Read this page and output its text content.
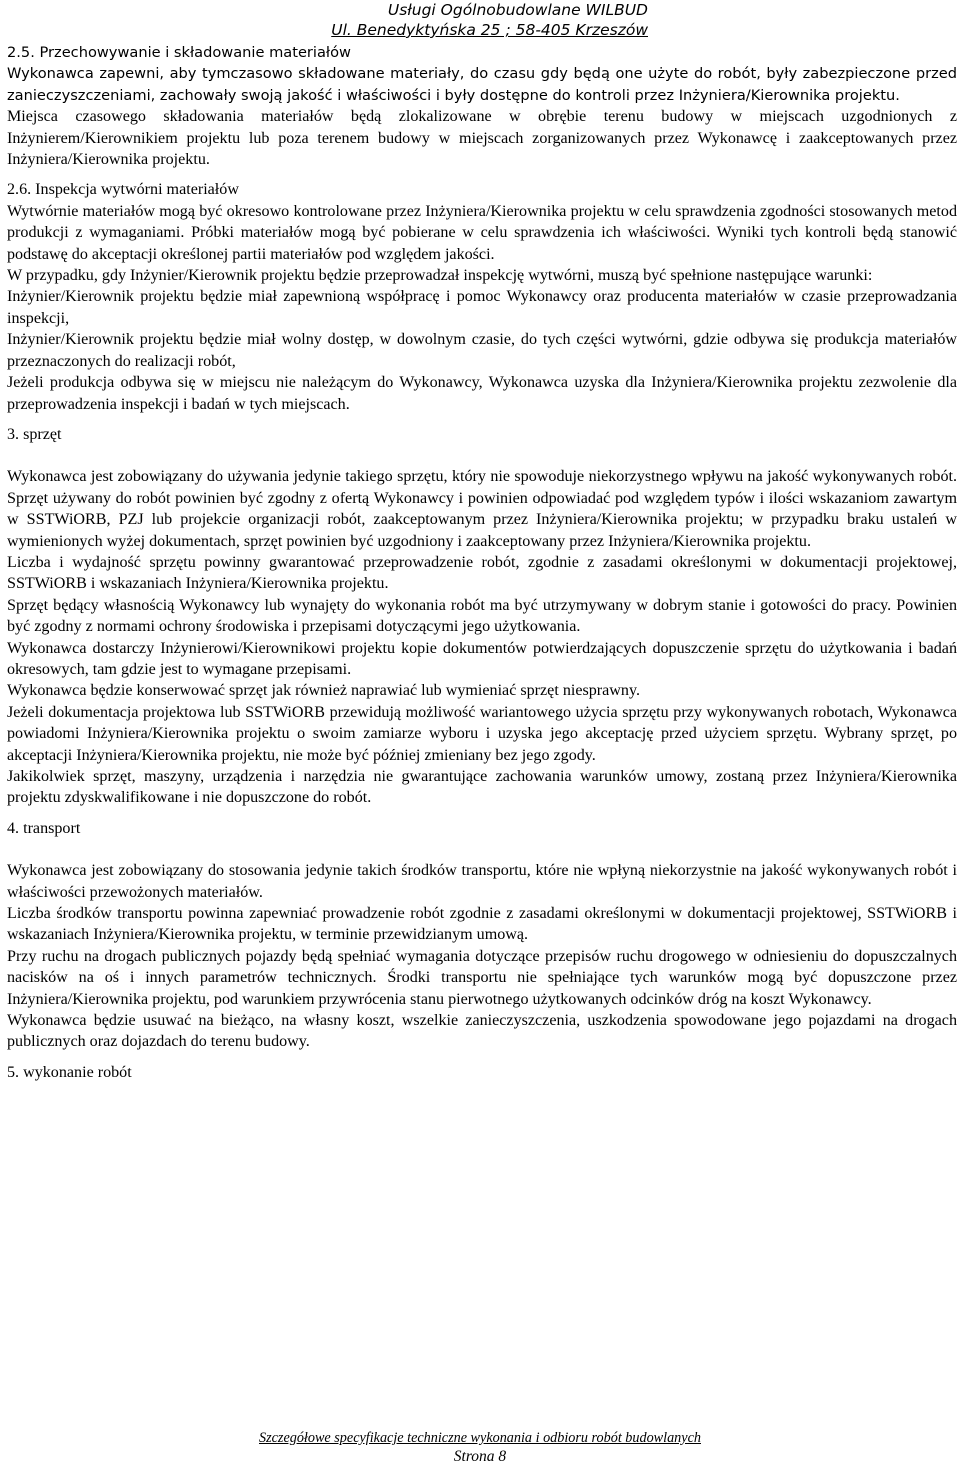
Usługi Ogólnobudowlane WILBUD
Ul. Benedyktyńska 25 ; 58-405 Krzeszów
2.5. Przechowywanie i składowanie materiałów

Wykonawca zapewni, aby tymczasowo składowane materiały, do czasu gdy będą one użyte do robót, były zabezpieczone przed zanieczyszczeniami, zachowały swoją jakość i właściwości i były dostępne do kontroli przez Inżyniera/Kierownika projektu.

Miejsca czasowego składowania materiałów będą zlokalizowane w obrębie terenu budowy w miejscach uzgodnionych z Inżynierem/Kierownikiem projektu lub poza terenem budowy w miejscach zorganizowanych przez Wykonawcę i zaakceptowanych przez Inżyniera/Kierownika projektu.

2.6. Inspekcja wytwórni materiałów

Wytwórnie materiałów mogą być okresowo kontrolowane przez Inżyniera/Kierownika projektu w celu sprawdzenia zgodności stosowanych metod produkcji z wymaganiami. Próbki materiałów mogą być pobierane w celu sprawdzenia ich właściwości. Wyniki tych kontroli będą stanowić podstawę do akceptacji określonej partii materiałów pod względem jakości.

W przypadku, gdy Inżynier/Kierownik projektu będzie przeprowadzał inspekcję wytwórni, muszą być spełnione następujące warunki:

Inżynier/Kierownik projektu będzie miał zapewnioną współpracę i pomoc Wykonawcy oraz producenta materiałów w czasie przeprowadzania inspekcji,

Inżynier/Kierownik projektu będzie miał wolny dostęp, w dowolnym czasie, do tych części wytwórni, gdzie odbywa się produkcja materiałów przeznaczonych do realizacji robót,

Jeżeli produkcja odbywa się w miejscu nie należącym do Wykonawcy, Wykonawca uzyska dla Inżyniera/Kierownika projektu zezwolenie dla przeprowadzenia inspekcji i badań w tych miejscach.

3. sprzęt

Wykonawca jest zobowiązany do używania jedynie takiego sprzętu, który nie spowoduje niekorzystnego wpływu na jakość wykonywanych robót. Sprzęt używany do robót powinien być zgodny z ofertą Wykonawcy i powinien odpowiadać pod względem typów i ilości wskazaniom zawartym w SSTWiORB, PZJ lub projekcie organizacji robót, zaakceptowanym przez Inżyniera/Kierownika projektu; w przypadku braku ustaleń w wymienionych wyżej dokumentach, sprzęt powinien być uzgodniony i zaakceptowany przez Inżyniera/Kierownika projektu.

Liczba i wydajność sprzętu powinny gwarantować przeprowadzenie robót, zgodnie z zasadami określonymi w dokumentacji projektowej, SSTWiORB i wskazaniach Inżyniera/Kierownika projektu.

Sprzęt będący własnością Wykonawcy lub wynajęty do wykonania robót ma być utrzymywany w dobrym stanie i gotowości do pracy. Powinien być zgodny z normami ochrony środowiska i przepisami dotyczącymi jego użytkowania.

Wykonawca dostarczy Inżynierowi/Kierownikowi projektu kopie dokumentów potwierdzających dopuszczenie sprzętu do użytkowania i badań okresowych, tam gdzie jest to wymagane przepisami.

Wykonawca będzie konserwować sprzęt jak również naprawiać lub wymieniać sprzęt niesprawny.

Jeżeli dokumentacja projektowa lub SSTWiORB przewidują możliwość wariantowego użycia sprzętu przy wykonywanych robotach, Wykonawca powiadomi Inżyniera/Kierownika projektu o swoim zamiarze wyboru i uzyska jego akceptację przed użyciem sprzętu. Wybrany sprzęt, po akceptacji Inżyniera/Kierownika projektu, nie może być później zmieniany bez jego zgody.

Jakikolwiek sprzęt, maszyny, urządzenia i narzędzia nie gwarantujące zachowania warunków umowy, zostaną przez Inżyniera/Kierownika projektu zdyskwalifikowane i nie dopuszczone do robót.

4. transport

Wykonawca jest zobowiązany do stosowania jedynie takich środków transportu, które nie wpłyną niekorzystnie na jakość wykonywanych robót i właściwości przewożonych materiałów.

Liczba środków transportu powinna zapewniać prowadzenie robót zgodnie z zasadami określonymi w dokumentacji projektowej, SSTWiORB i wskazaniach Inżyniera/Kierownika projektu, w terminie przewidzianym umową.

Przy ruchu na drogach publicznych pojazdy będą spełniać wymagania dotyczące przepisów ruchu drogowego w odniesieniu do dopuszczalnych nacisków na oś i innych parametrów technicznych. Środki transportu nie spełniające tych warunków mogą być dopuszczone przez Inżyniera/Kierownika projektu, pod warunkiem przywrócenia stanu pierwotnego użytkowanych odcinków dróg na koszt Wykonawcy.

Wykonawca będzie usuwać na bieżąco, na własny koszt, wszelkie zanieczyszczenia, uszkodzenia spowodowane jego pojazdami na drogach publicznych oraz dojazdach do terenu budowy.

5. wykonanie robót
Szczegółowe specyfikacje techniczne wykonania i odbioru robót budowlanych
Strona 8
